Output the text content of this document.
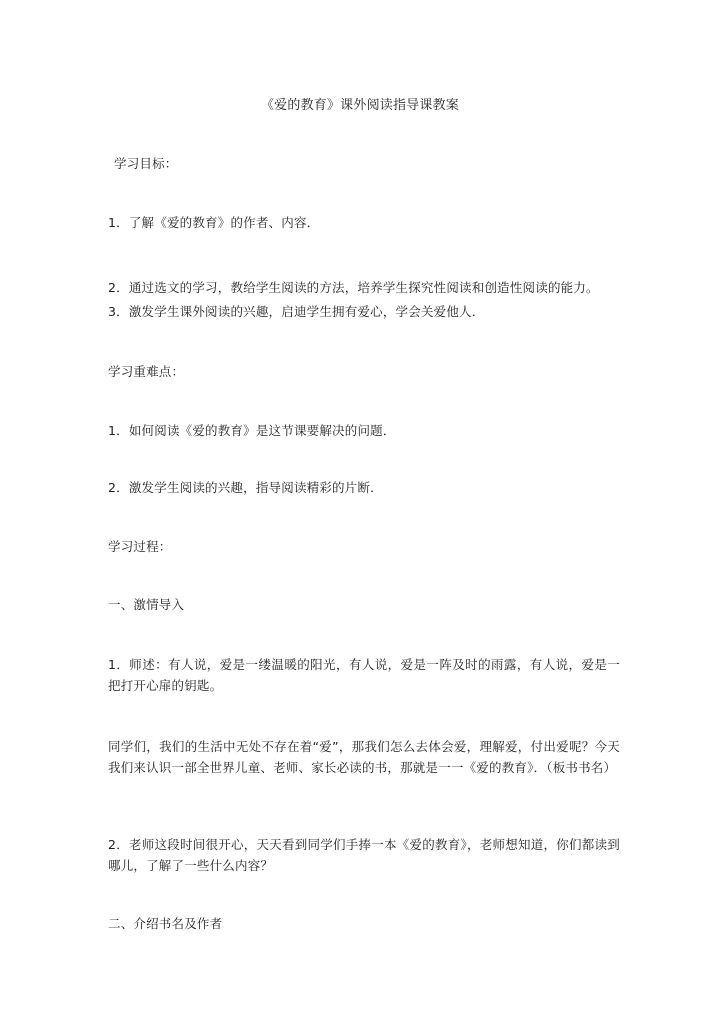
《爱的教育》课外阅读指导课教案
学习目标：
1．了解《爱的教育》的作者、内容．
2．通过选文的学习，教给学生阅读的方法，培养学生探究性阅读和创造性阅读的能力。
3．激发学生课外阅读的兴趣，启迪学生拥有爱心，学会关爱他人．
学习重难点：
1．如何阅读《爱的教育》是这节课要解决的问题．
2．激发学生阅读的兴趣，指导阅读精彩的片断．
学习过程：
一、激情导入
1．师述：有人说，爱是一缕温暖的阳光，有人说，爱是一阵及时的雨露，有人说，爱是一把打开心扉的钥匙。
同学们，我们的生活中无处不存在着“爱”，那我们怎么去体会爱，理解爱，付出爱呢？今天我们来认识一部全世界儿童、老师、家长必读的书，那就是一一《爱的教育》．（板书书名）
2．老师这段时间很开心，天天看到同学们手捧一本《爱的教育》，老师想知道，你们都读到哪儿，了解了一些什么内容？
二、介绍书名及作者
